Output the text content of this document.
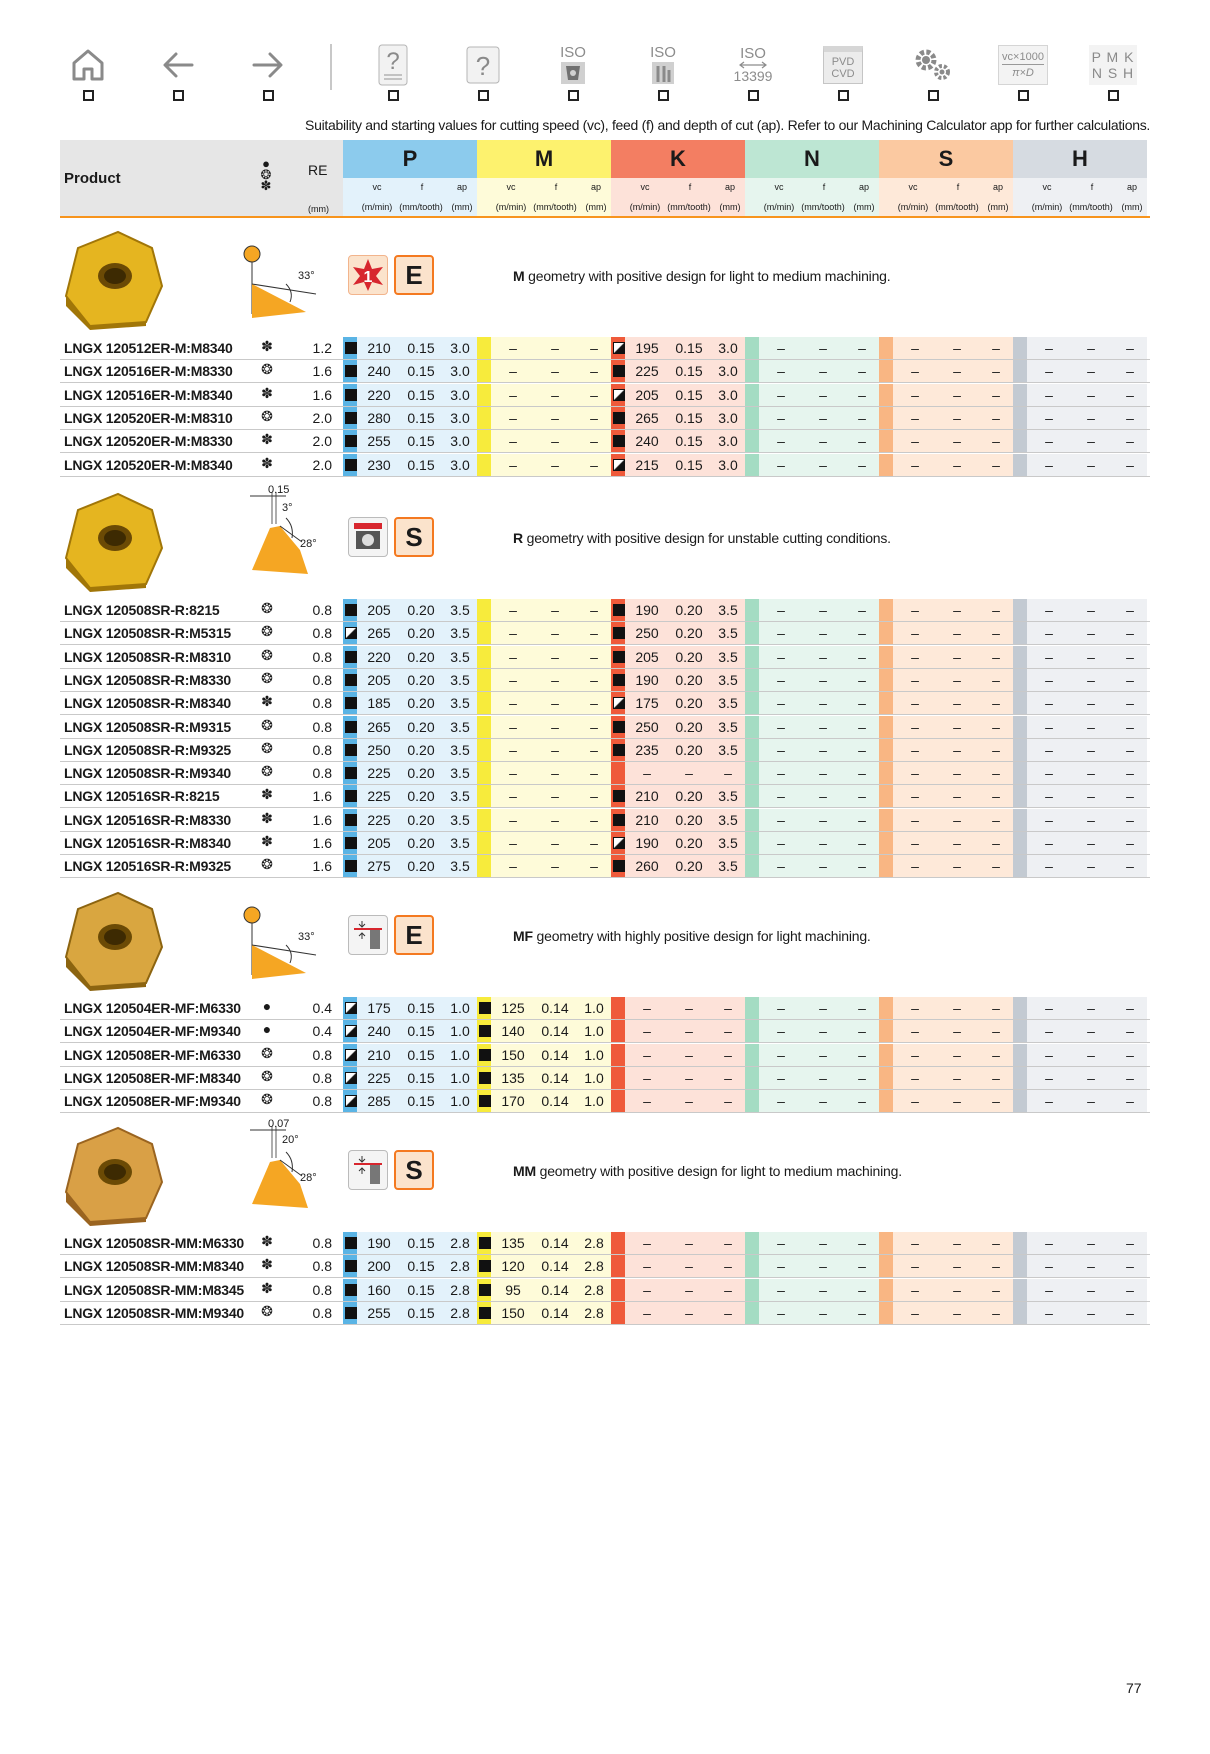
?	?	ISO	ISO	ISO
13399
PVD
CVD
vc×1000
π×D
P M K
N S H
Suitability and starting values for cutting speed (vc), feed (f) and depth of cut (ap). Refer to our Machining Calculator app for further calculations.
Product
●
❂
✽
RE
(mm)
P
vc	f	ap
(m/min) (mm/tooth) (mm)
M
vc	f	ap
(m/min) (mm/tooth) (mm)
K
vc	f	ap
(m/min) (mm/tooth) (mm)
N
vc	f	ap
(m/min) (mm/tooth) (mm)
S
vc	f	ap
(m/min) (mm/tooth) (mm)
H
vc	f	ap
(m/min) (mm/tooth) (mm)
33°	1	E	M geometry with positive design for light to medium machining.
28°
3°
0.15
S	R geometry with positive design for unstable cutting conditions.
33°	E	MF geometry with highly positive design for light machining.
28°
20°
0.07
S	MM geometry with positive design for light to medium machining.
LNGX 120512ER-M:M8340 ✽	1.2	210	0.15	3.0	–	–	–	195	0.15	3.0	–	–	–	–	–	–	–	–	–
LNGX 120516ER-M:M8330 ❂	1.6	240	0.15	3.0	–	–	–	225	0.15	3.0	–	–	–	–	–	–	–	–	–
LNGX 120516ER-M:M8340 ✽	1.6	220	0.15	3.0	–	–	–	205	0.15	3.0	–	–	–	–	–	–	–	–	–
LNGX 120520ER-M:M8310 ❂	2.0	280	0.15	3.0	–	–	–	265	0.15	3.0	–	–	–	–	–	–	–	–	–
LNGX 120520ER-M:M8330 ✽	2.0	255	0.15	3.0	–	–	–	240	0.15	3.0	–	–	–	–	–	–	–	–	–
LNGX 120520ER-M:M8340 ✽	2.0	230	0.15	3.0	–	–	–	215	0.15	3.0	–	–	–	–	–	–	–	–	–
LNGX 120508SR-R:8215	❂	0.8	205	0.20	3.5	–	–	–	190	0.20	3.5	–	–	–	–	–	–	–	–	–
LNGX 120508SR-R:M5315 ❂	0.8	265	0.20	3.5	–	–	–	250	0.20	3.5	–	–	–	–	–	–	–	–	–
LNGX 120508SR-R:M8310 ❂	0.8	220	0.20	3.5	–	–	–	205	0.20	3.5	–	–	–	–	–	–	–	–	–
LNGX 120508SR-R:M8330 ❂	0.8	205	0.20	3.5	–	–	–	190	0.20	3.5	–	–	–	–	–	–	–	–	–
LNGX 120508SR-R:M8340 ✽	0.8	185	0.20	3.5	–	–	–	175	0.20	3.5	–	–	–	–	–	–	–	–	–
LNGX 120508SR-R:M9315 ❂	0.8	265	0.20	3.5	–	–	–	250	0.20	3.5	–	–	–	–	–	–	–	–	–
LNGX 120508SR-R:M9325 ❂	0.8	250	0.20	3.5	–	–	–	235	0.20	3.5	–	–	–	–	–	–	–	–	–
LNGX 120508SR-R:M9340 ❂	0.8	225	0.20	3.5	–	–	–	–	–	–	–	–	–	–	–	–	–	–	–
LNGX 120516SR-R:8215	✽	1.6	225	0.20	3.5	–	–	–	210	0.20	3.5	–	–	–	–	–	–	–	–	–
LNGX 120516SR-R:M8330 ✽	1.6	225	0.20	3.5	–	–	–	210	0.20	3.5	–	–	–	–	–	–	–	–	–
LNGX 120516SR-R:M8340 ✽	1.6	205	0.20	3.5	–	–	–	190	0.20	3.5	–	–	–	–	–	–	–	–	–
LNGX 120516SR-R:M9325 ❂	1.6	275	0.20	3.5	–	–	–	260	0.20	3.5	–	–	–	–	–	–	–	–	–
LNGX 120504ER-MF:M6330 ●	0.4	175	0.15	1.0	125	0.14	1.0	–	–	–	–	–	–	–	–	–	–	–	–
LNGX 120504ER-MF:M9340 ●	0.4	240	0.15	1.0	140	0.14	1.0	–	–	–	–	–	–	–	–	–	–	–	–
LNGX 120508ER-MF:M6330 ❂	0.8	210	0.15	1.0	150	0.14	1.0	–	–	–	–	–	–	–	–	–	–	–	–
LNGX 120508ER-MF:M8340 ❂	0.8	225	0.15	1.0	135	0.14	1.0	–	–	–	–	–	–	–	–	–	–	–	–
LNGX 120508ER-MF:M9340 ❂	0.8	285	0.15	1.0	170	0.14	1.0	–	–	–	–	–	–	–	–	–	–	–	–
LNGX 120508SR-MM:M6330 ✽	0.8	190	0.15	2.8	135	0.14	2.8	–	–	–	–	–	–	–	–	–	–	–	–
LNGX 120508SR-MM:M8340 ✽	0.8	200	0.15	2.8	120	0.14	2.8	–	–	–	–	–	–	–	–	–	–	–	–
LNGX 120508SR-MM:M8345 ✽	0.8	160	0.15	2.8	95	0.14	2.8	–	–	–	–	–	–	–	–	–	–	–	–
LNGX 120508SR-MM:M9340 ❂	0.8	255	0.15	2.8	150	0.14	2.8	–	–	–	–	–	–	–	–	–	–	–	–
77
